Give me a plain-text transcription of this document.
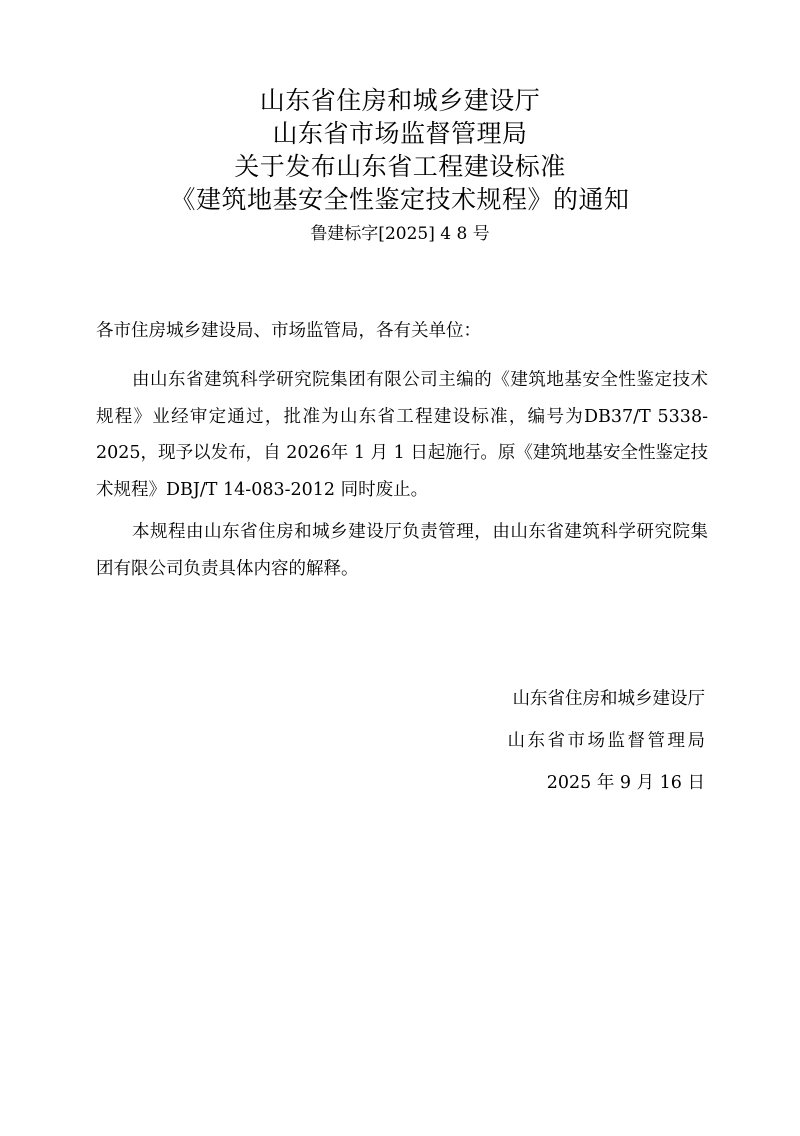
山东省住房和城乡建设厅
山东省市场监督管理局
关于发布山东省工程建设标准
《建筑地基安全性鉴定技术规程》的通知
鲁建标字[2025] 4 8 号

各市住房城乡建设局、市场监管局，各有关单位：

由山东省建筑科学研究院集团有限公司主编的《建筑地基安全性鉴定技术规程》业经审定通过，批准为山东省工程建设标准，编号为DB37/T 5338-2025，现予以发布，自 2026年 1 月 1 日起施行。原《建筑地基安全性鉴定技术规程》DBJ/T 14-083-2012 同时废止。

本规程由山东省住房和城乡建设厅负责管理，由山东省建筑科学研究院集团有限公司负责具体内容的解释。

山东省住房和城乡建设厅
山东省市场监督管理局
2025 年 9 月 16 日
